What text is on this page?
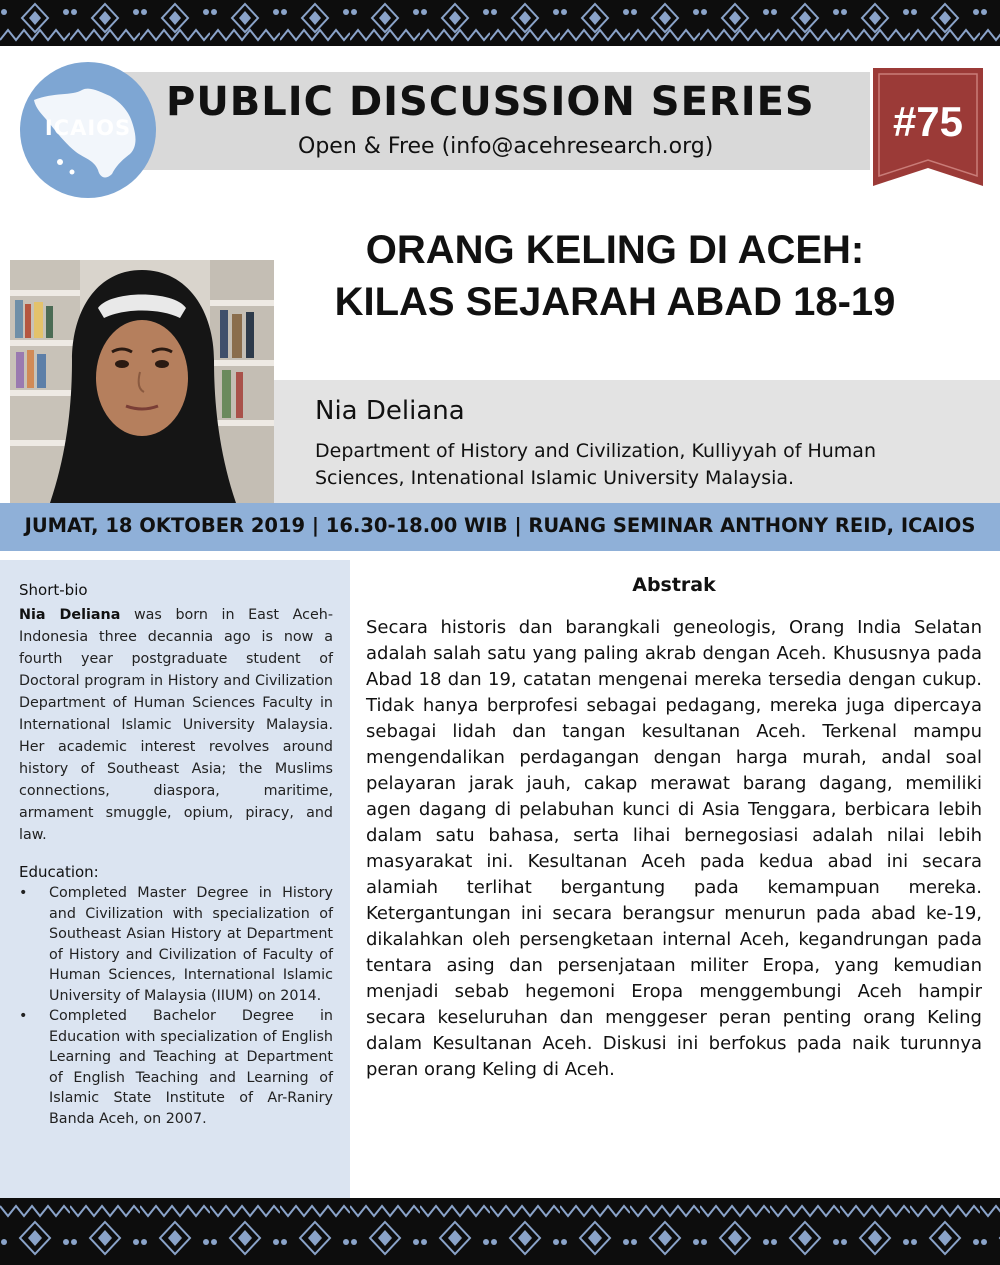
ICAIOS
PUBLIC DISCUSSION SERIES
Open & Free (info@acehresearch.org)
#75
ORANG KELING DI ACEH:
KILAS SEJARAH ABAD 18-19
Nia Deliana
Department of History and Civilization, Kulliyyah of Human Sciences, Intenational Islamic University Malaysia.
JUMAT, 18 OKTOBER 2019 | 16.30-18.00 WIB | RUANG SEMINAR ANTHONY REID, ICAIOS
Short-bio
Nia Deliana was born in East Aceh-Indonesia three decannia ago is now a fourth year postgraduate student of Doctoral program in History and Civilization Department of Human Sciences Faculty in International Islamic University Malaysia. Her academic interest revolves around history of Southeast Asia; the Muslims connections, diaspora, maritime, armament smuggle, opium, piracy, and law.
Education:
• Completed Master Degree in History and Civilization with specialization of Southeast Asian History at Department of History and Civilization of Faculty of Human Sciences, International Islamic University of Malaysia (IIUM) on 2014.
• Completed Bachelor Degree in Education with specialization of English Learning and Teaching at Department of English Teaching and Learning of Islamic State Institute of Ar-Raniry Banda Aceh, on 2007.
Abstrak
Secara historis dan barangkali geneologis, Orang India Selatan adalah salah satu yang paling akrab dengan Aceh. Khususnya pada Abad 18 dan 19, catatan mengenai mereka tersedia dengan cukup. Tidak hanya berprofesi sebagai pedagang, mereka juga dipercaya sebagai lidah dan tangan kesultanan Aceh. Terkenal mampu mengendalikan perdagangan dengan harga murah, andal soal pelayaran jarak jauh, cakap merawat barang dagang, memiliki agen dagang di pelabuhan kunci di Asia Tenggara, berbicara lebih dalam satu bahasa, serta lihai bernegosiasi adalah nilai lebih masyarakat ini. Kesultanan Aceh pada kedua abad ini secara alamiah terlihat bergantung pada kemampuan mereka. Ketergantungan ini secara berangsur menurun pada abad ke-19, dikalahkan oleh persengketaan internal Aceh, kegandrungan pada tentara asing dan persenjataan militer Eropa, yang kemudian menjadi sebab hegemoni Eropa menggembungi Aceh hampir secara keseluruhan dan menggeser peran penting orang Keling dalam Kesultanan Aceh. Diskusi ini berfokus pada naik turunnya peran orang Keling di Aceh.
